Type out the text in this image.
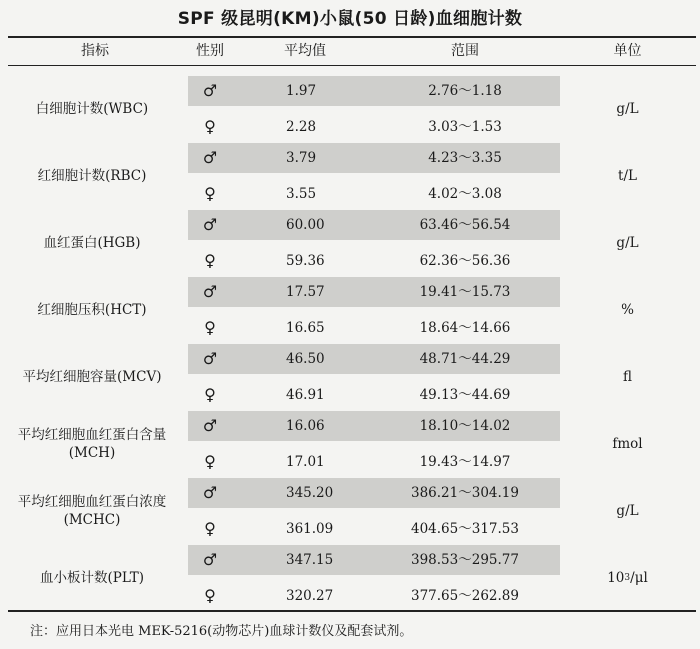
SPF 级昆明(KM)小鼠(50 日龄)血细胞计数
指标	性别	平均值	范围	单位
白细胞计数(WBC)
♂	1.97	2.76～1.18
♀	2.28	3.03～1.53
g/L
红细胞计数(RBC)
♂	3.79	4.23～3.35
♀	3.55	4.02～3.08
t/L
血红蛋白(HGB)
♂	60.00	63.46～56.54
♀	59.36	62.36～56.36
g/L
红细胞压积(HCT)
♂	17.57	19.41～15.73
♀	16.65	18.64～14.66
%
平均红细胞容量(MCV)
♂	46.50	48.71～44.29
♀	46.91	49.13～44.69
fl
平均红细胞血红蛋白含量(MCH)
♂	16.06	18.10～14.02
♀	17.01	19.43～14.97
fmol
平均红细胞血红蛋白浓度(MCHC)
♂	345.20	386.21～304.19
♀	361.09	404.65～317.53
g/L
血小板计数(PLT)
♂	347.15	398.53～295.77
♀	320.27	377.65～262.89
10 3 /μl
注：应用日本光电 MEK-5216(动物芯片)血球计数仪及配套试剂。
